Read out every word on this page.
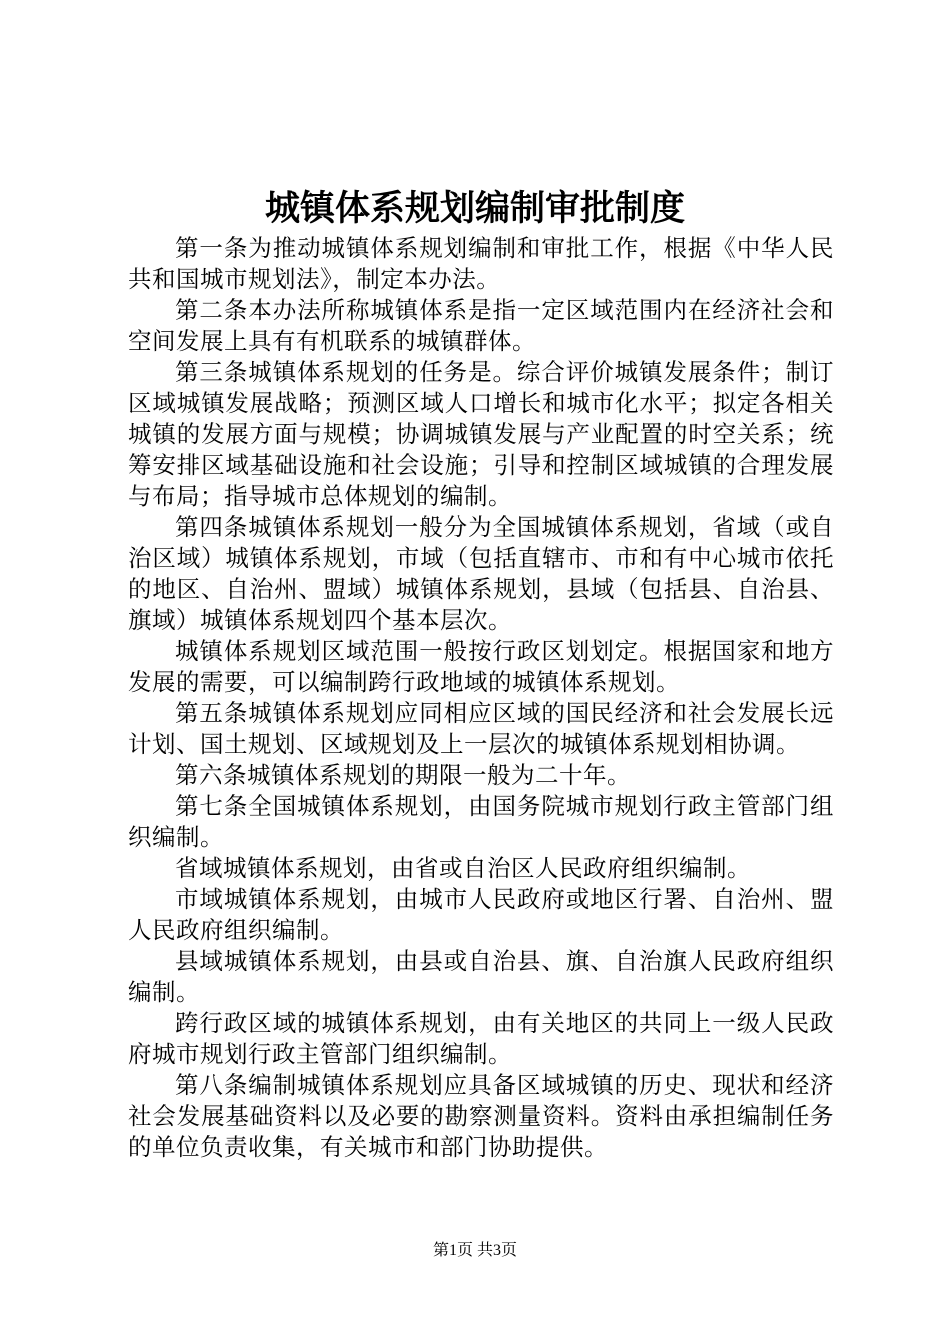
城镇体系规划编制审批制度

第一条为推动城镇体系规划编制和审批工作，根据《中华人民共和国城市规划法》，制定本办法。

第二条本办法所称城镇体系是指一定区域范围内在经济社会和空间发展上具有有机联系的城镇群体。

第三条城镇体系规划的任务是。综合评价城镇发展条件；制订区域城镇发展战略；预测区域人口增长和城市化水平；拟定各相关城镇的发展方面与规模；协调城镇发展与产业配置的时空关系；统筹安排区域基础设施和社会设施；引导和控制区域城镇的合理发展与布局；指导城市总体规划的编制。

第四条城镇体系规划一般分为全国城镇体系规划，省域（或自治区域）城镇体系规划，市域（包括直辖市、市和有中心城市依托的地区、自治州、盟域）城镇体系规划，县域（包括县、自治县、旗域）城镇体系规划四个基本层次。

城镇体系规划区域范围一般按行政区划划定。根据国家和地方发展的需要，可以编制跨行政地域的城镇体系规划。

第五条城镇体系规划应同相应区域的国民经济和社会发展长远计划、国土规划、区域规划及上一层次的城镇体系规划相协调。

第六条城镇体系规划的期限一般为二十年。

第七条全国城镇体系规划，由国务院城市规划行政主管部门组织编制。

省域城镇体系规划，由省或自治区人民政府组织编制。

市域城镇体系规划，由城市人民政府或地区行署、自治州、盟人民政府组织编制。

县域城镇体系规划，由县或自治县、旗、自治旗人民政府组织编制。

跨行政区域的城镇体系规划，由有关地区的共同上一级人民政府城市规划行政主管部门组织编制。

第八条编制城镇体系规划应具备区域城镇的历史、现状和经济社会发展基础资料以及必要的勘察测量资料。资料由承担编制任务的单位负责收集，有关城市和部门协助提供。

第1页 共3页
